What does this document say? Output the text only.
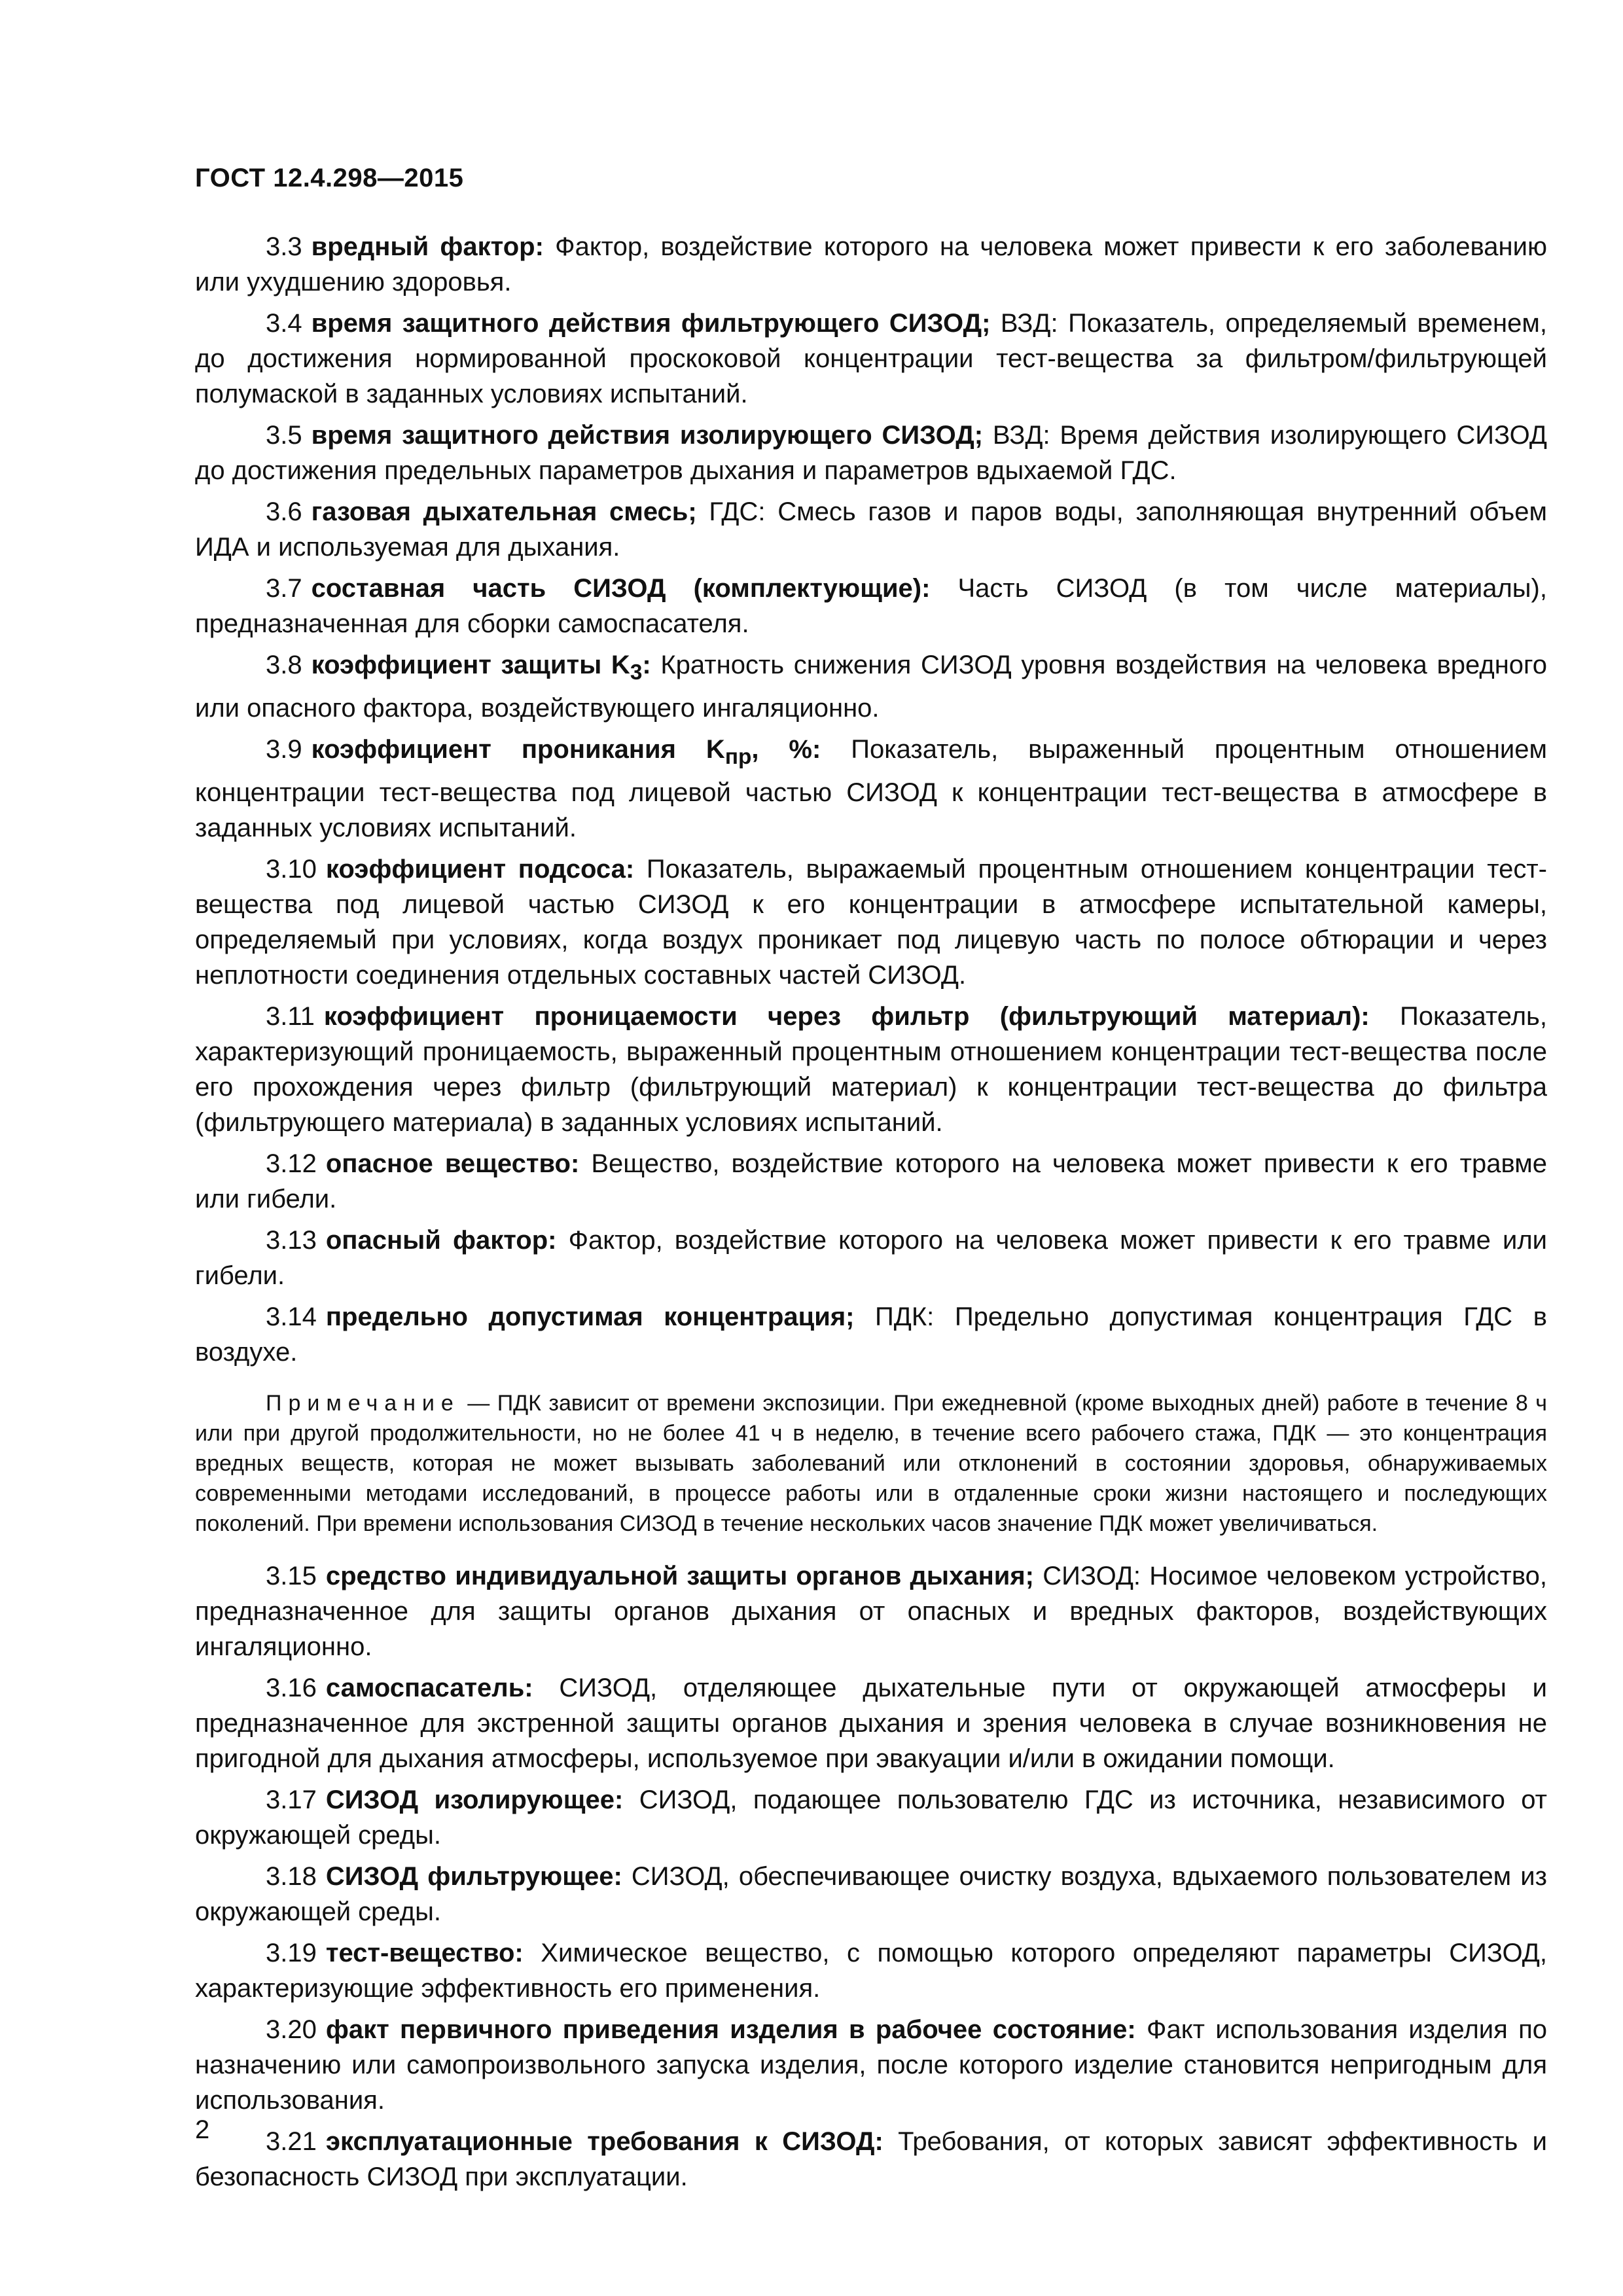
ГОСТ 12.4.298—2015

3.3 вредный фактор: Фактор, воздействие которого на человека может привести к его заболеванию или ухудшению здоровья.

3.4 время защитного действия фильтрующего СИЗОД; ВЗД: Показатель, определяемый временем, до достижения нормированной проскоковой концентрации тест-вещества за фильтром/фильтрующей полумаской в заданных условиях испытаний.

3.5 время защитного действия изолирующего СИЗОД; ВЗД: Время действия изолирующего СИЗОД до достижения предельных параметров дыхания и параметров вдыхаемой ГДС.

3.6 газовая дыхательная смесь; ГДС: Смесь газов и паров воды, заполняющая внутренний объем ИДА и используемая для дыхания.

3.7 составная часть СИЗОД (комплектующие): Часть СИЗОД (в том числе материалы), предназначенная для сборки самоспасателя.

3.8 коэффициент защиты $K_3$: Кратность снижения СИЗОД уровня воздействия на человека вредного или опасного фактора, воздействующего ингаляционно.

3.9 коэффициент проникания $K_{пр}$, %: Показатель, выраженный процентным отношением концентрации тест-вещества под лицевой частью СИЗОД к концентрации тест-вещества в атмосфере в заданных условиях испытаний.

3.10 коэффициент подсоса: Показатель, выражаемый процентным отношением концентрации тест-вещества под лицевой частью СИЗОД к его концентрации в атмосфере испытательной камеры, определяемый при условиях, когда воздух проникает под лицевую часть по полосе обтюрации и через неплотности соединения отдельных составных частей СИЗОД.

3.11 коэффициент проницаемости через фильтр (фильтрующий материал): Показатель, характеризующий проницаемость, выраженный процентным отношением концентрации тест-вещества после его прохождения через фильтр (фильтрующий материал) к концентрации тест-вещества до фильтра (фильтрующего материала) в заданных условиях испытаний.

3.12 опасное вещество: Вещество, воздействие которого на человека может привести к его травме или гибели.

3.13 опасный фактор: Фактор, воздействие которого на человека может привести к его травме или гибели.

3.14 предельно допустимая концентрация; ПДК: Предельно допустимая концентрация ГДС в воздухе.

Примечание — ПДК зависит от времени экспозиции. При ежедневной (кроме выходных дней) работе в течение 8 ч или при другой продолжительности, но не более 41 ч в неделю, в течение всего рабочего стажа, ПДК — это концентрация вредных веществ, которая не может вызывать заболеваний или отклонений в состоянии здоровья, обнаруживаемых современными методами исследований, в процессе работы или в отдаленные сроки жизни настоящего и последующих поколений. При времени использования СИЗОД в течение нескольких часов значение ПДК может увеличиваться.

3.15 средство индивидуальной защиты органов дыхания; СИЗОД: Носимое человеком устройство, предназначенное для защиты органов дыхания от опасных и вредных факторов, воздействующих ингаляционно.

3.16 самоспасатель: СИЗОД, отделяющее дыхательные пути от окружающей атмосферы и предназначенное для экстренной защиты органов дыхания и зрения человека в случае возникновения не пригодной для дыхания атмосферы, используемое при эвакуации и/или в ожидании помощи.

3.17 СИЗОД изолирующее: СИЗОД, подающее пользователю ГДС из источника, независимого от окружающей среды.

3.18 СИЗОД фильтрующее: СИЗОД, обеспечивающее очистку воздуха, вдыхаемого пользователем из окружающей среды.

3.19 тест-вещество: Химическое вещество, с помощью которого определяют параметры СИЗОД, характеризующие эффективность его применения.

3.20 факт первичного приведения изделия в рабочее состояние: Факт использования изделия по назначению или самопроизвольного запуска изделия, после которого изделие становится непригодным для использования.

3.21 эксплуатационные требования к СИЗОД: Требования, от которых зависят эффективность и безопасность СИЗОД при эксплуатации.

2
